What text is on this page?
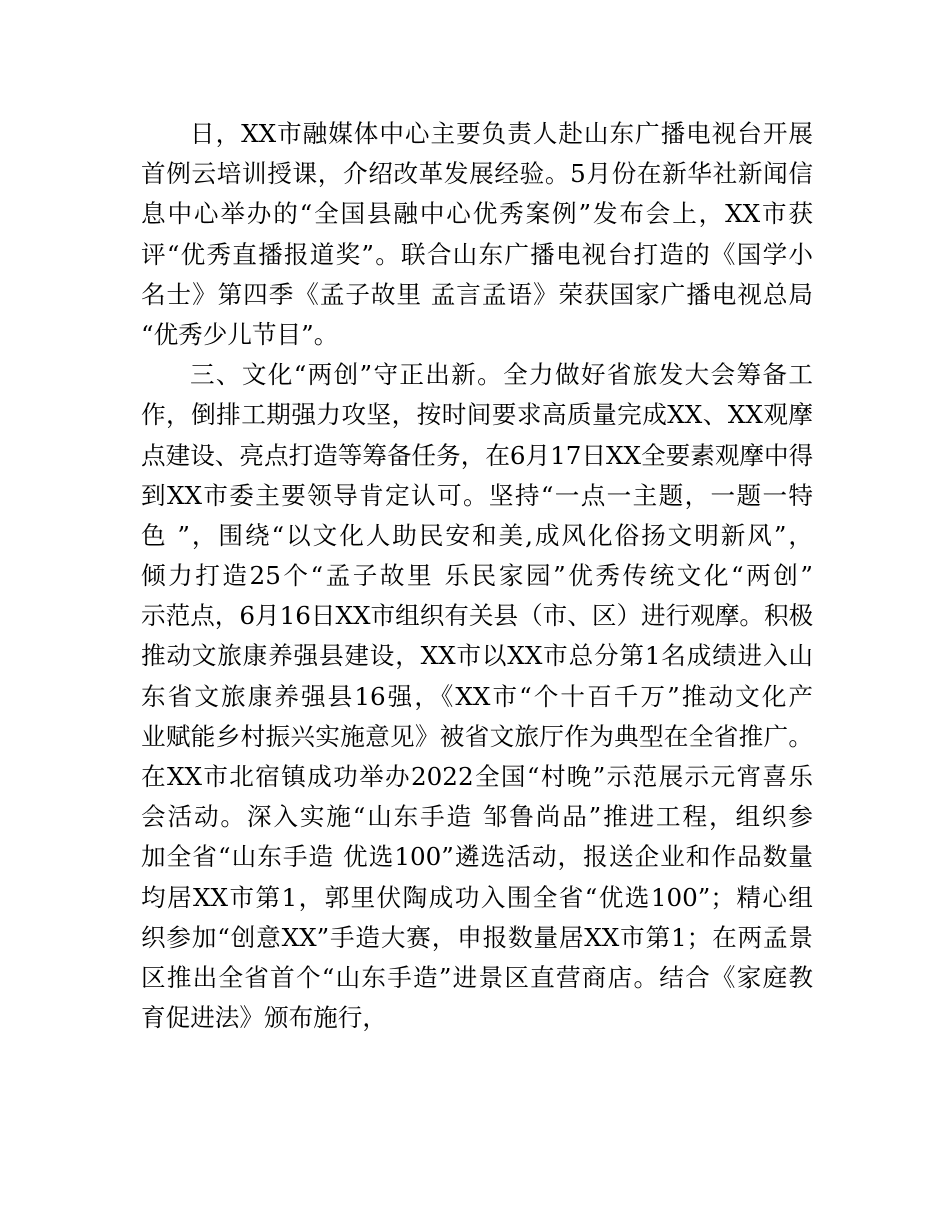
日，XX市融媒体中心主要负责人赴山东广播电视台开展
首例云培训授课，介绍改革发展经验。5月份在新华社新闻信
息中心举办的“全国县融中心优秀案例”发布会上，XX市获
评“优秀直播报道奖”。联合山东广播电视台打造的《国学小
名士》第四季《孟子故里 孟言孟语》荣获国家广播电视总局
“优秀少儿节目”。
三、文化“两创”守正出新。全力做好省旅发大会筹备工
作，倒排工期强力攻坚，按时间要求高质量完成XX、XX观摩
点建设、亮点打造等筹备任务，在6月17日XX全要素观摩中得
到XX市委主要领导肯定认可。坚持“一点一主题，一题一特
色 ”，围绕“以文化人助民安和美,成风化俗扬文明新风”，
倾力打造25个“孟子故里 乐民家园”优秀传统文化“两创”
示范点，6月16日XX市组织有关县（市、区）进行观摩。积极
推动文旅康养强县建设，XX市以XX市总分第1名成绩进入山
东省文旅康养强县16强，《XX市“个十百千万”推动文化产
业赋能乡村振兴实施意见》被省文旅厅作为典型在全省推广。
在XX市北宿镇成功举办2022全国“村晚”示范展示元宵喜乐
会活动。深入实施“山东手造 邹鲁尚品”推进工程，组织参
加全省“山东手造 优选100”遴选活动，报送企业和作品数量
均居XX市第1，郭里伏陶成功入围全省“优选100”；精心组
织参加“创意XX”手造大赛，申报数量居XX市第1；在两孟景
区推出全省首个“山东手造”进景区直营商店。结合《家庭教
育促进法》颁布施行，
